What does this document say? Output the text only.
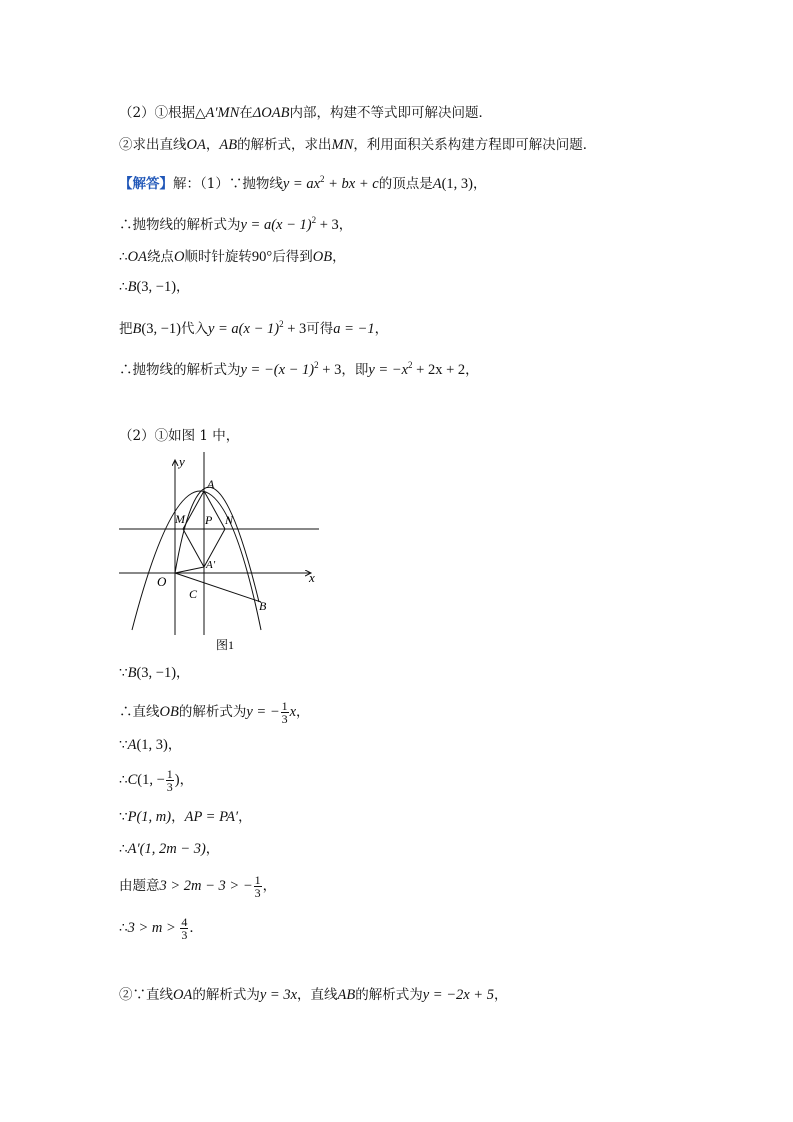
（2）①根据△A′MN在ΔOAB内部，构建不等式即可解决问题．
②求出直线OA，AB的解析式，求出MN，利用面积关系构建方程即可解决问题．
【解答】解：（1）∵抛物线$y = ax^2$ + bx + c的顶点是A(1, 3)，
∴抛物线的解析式为$y = a(x - 1)^2 + 3$，
∴OA绕点O顺时针旋转90°后得到OB，
∴B(3, −1)，
把B(3, −1)代入$y = a(x - 1)^2 + 3$可得a = −1，
∴抛物线的解析式为$y = -(x - 1)^2 + 3$，即$y = -x^2 + 2x + 2$，
（2）①如图 1 中，
y
x
O
A
M P N
A′
C
B
图1
∵B(3, −1)，
∴直线OB的解析式为y = − $\frac{1}{3}$ x，
∵A(1, 3)，
∴C(1, − $\frac{1}{3}$ )，
∵P(1, m)，AP = PA′，
∴A′(1, 2m − 3)，
由题意3 > 2m − 3 > − $\frac{1}{3}$ ，
∴3 > $m > \frac{4}{3}$ ．
②∵直线OA的解析式为y = 3x，直线AB的解析式为y = −2x + 5，
